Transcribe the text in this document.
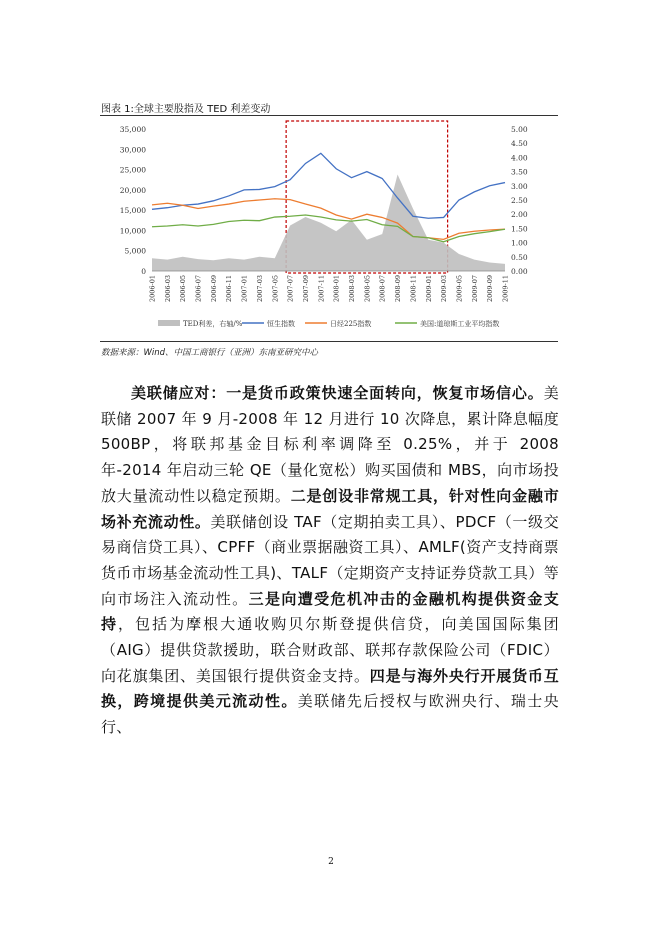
图表 1:全球主要股指及 TED 利差变动
0
5,000
10,000
15,000
20,000
25,000
30,000
35,000
0.00
0.50
1.00
1.50
2.00
2.50
3.00
3.50
4.00
4.50
5.00
2006-01 2006-03 2006-05 2006-07 2006-09 2006-11 2007-01 2007-03 2007-05 2007-07 2007-09 2007-11 2008-01 2008-03 2008-05 2008-07 2008-09 2008-11 2009-01 2009-03 2009-05 2009-07 2009-09 2009-11
TED利差，右轴/%	恒生指数	日经225指数	美国:道琼斯工业平均指数
数据来源：Wind、中国工商银行（亚洲）东南亚研究中心

美联储应对：一是货币政策快速全面转向，恢复市场信心。美联储 2007 年 9 月-2008 年 12 月进行 10 次降息，累计降息幅度 500BP，将联邦基金目标利率调降至 0.25%，并于 2008 年-2014 年启动三轮 QE（量化宽松）购买国债和 MBS，向市场投放大量流动性以稳定预期。二是创设非常规工具，针对性向金融市场补充流动性。美联储创设 TAF（定期拍卖工具）、PDCF（一级交易商信贷工具）、CPFF（商业票据融资工具）、AMLF(资产支持商票货币市场基金流动性工具)、TALF（定期资产支持证券贷款工具）等向市场注入流动性。三是向遭受危机冲击的金融机构提供资金支持，包括为摩根大通收购贝尔斯登提供信贷，向美国国际集团（AIG）提供贷款援助，联合财政部、联邦存款保险公司（FDIC）向花旗集团、美国银行提供资金支持。四是与海外央行开展货币互换，跨境提供美元流动性。美联储先后授权与欧洲央行、瑞士央行、

2
